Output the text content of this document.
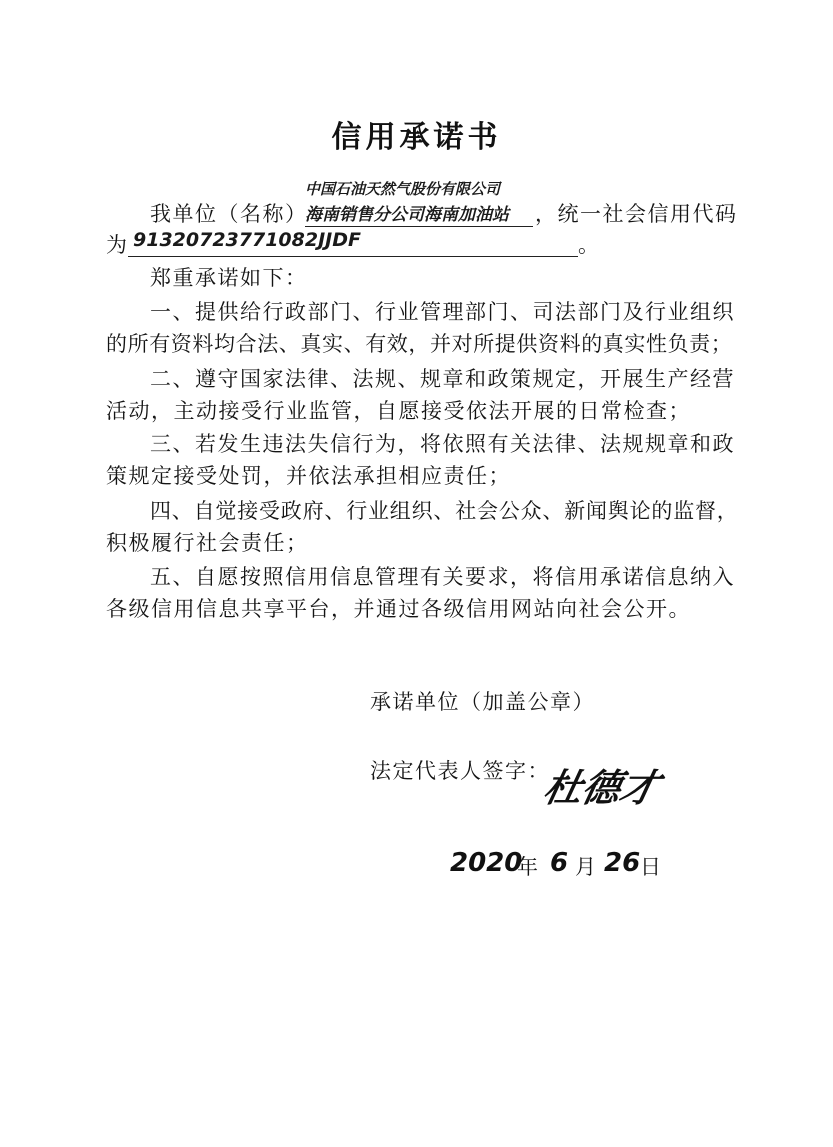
信用承诺书
中国石油天然气股份有限公司
海南销售分公司海南加油站
我单位（名称）	，统一社会信用代码
为 91320723771082JJDF	。
郑重承诺如下：
一、提供给行政部门、行业管理部门、司法部门及行业组织
的所有资料均合法、真实、有效，并对所提供资料的真实性负责；
二、遵守国家法律、法规、规章和政策规定，开展生产经营
活动，主动接受行业监管，自愿接受依法开展的日常检查；
三、若发生违法失信行为，将依照有关法律、法规规章和政
策规定接受处罚，并依法承担相应责任；
四、自觉接受政府、行业组织、社会公众、新闻舆论的监督，
积极履行社会责任；
五、自愿按照信用信息管理有关要求，将信用承诺信息纳入
各级信用信息共享平台，并通过各级信用网站向社会公开。
承诺单位（加盖公章）
法定代表人签字：
杜德才
2020
年 6 月 26 日
